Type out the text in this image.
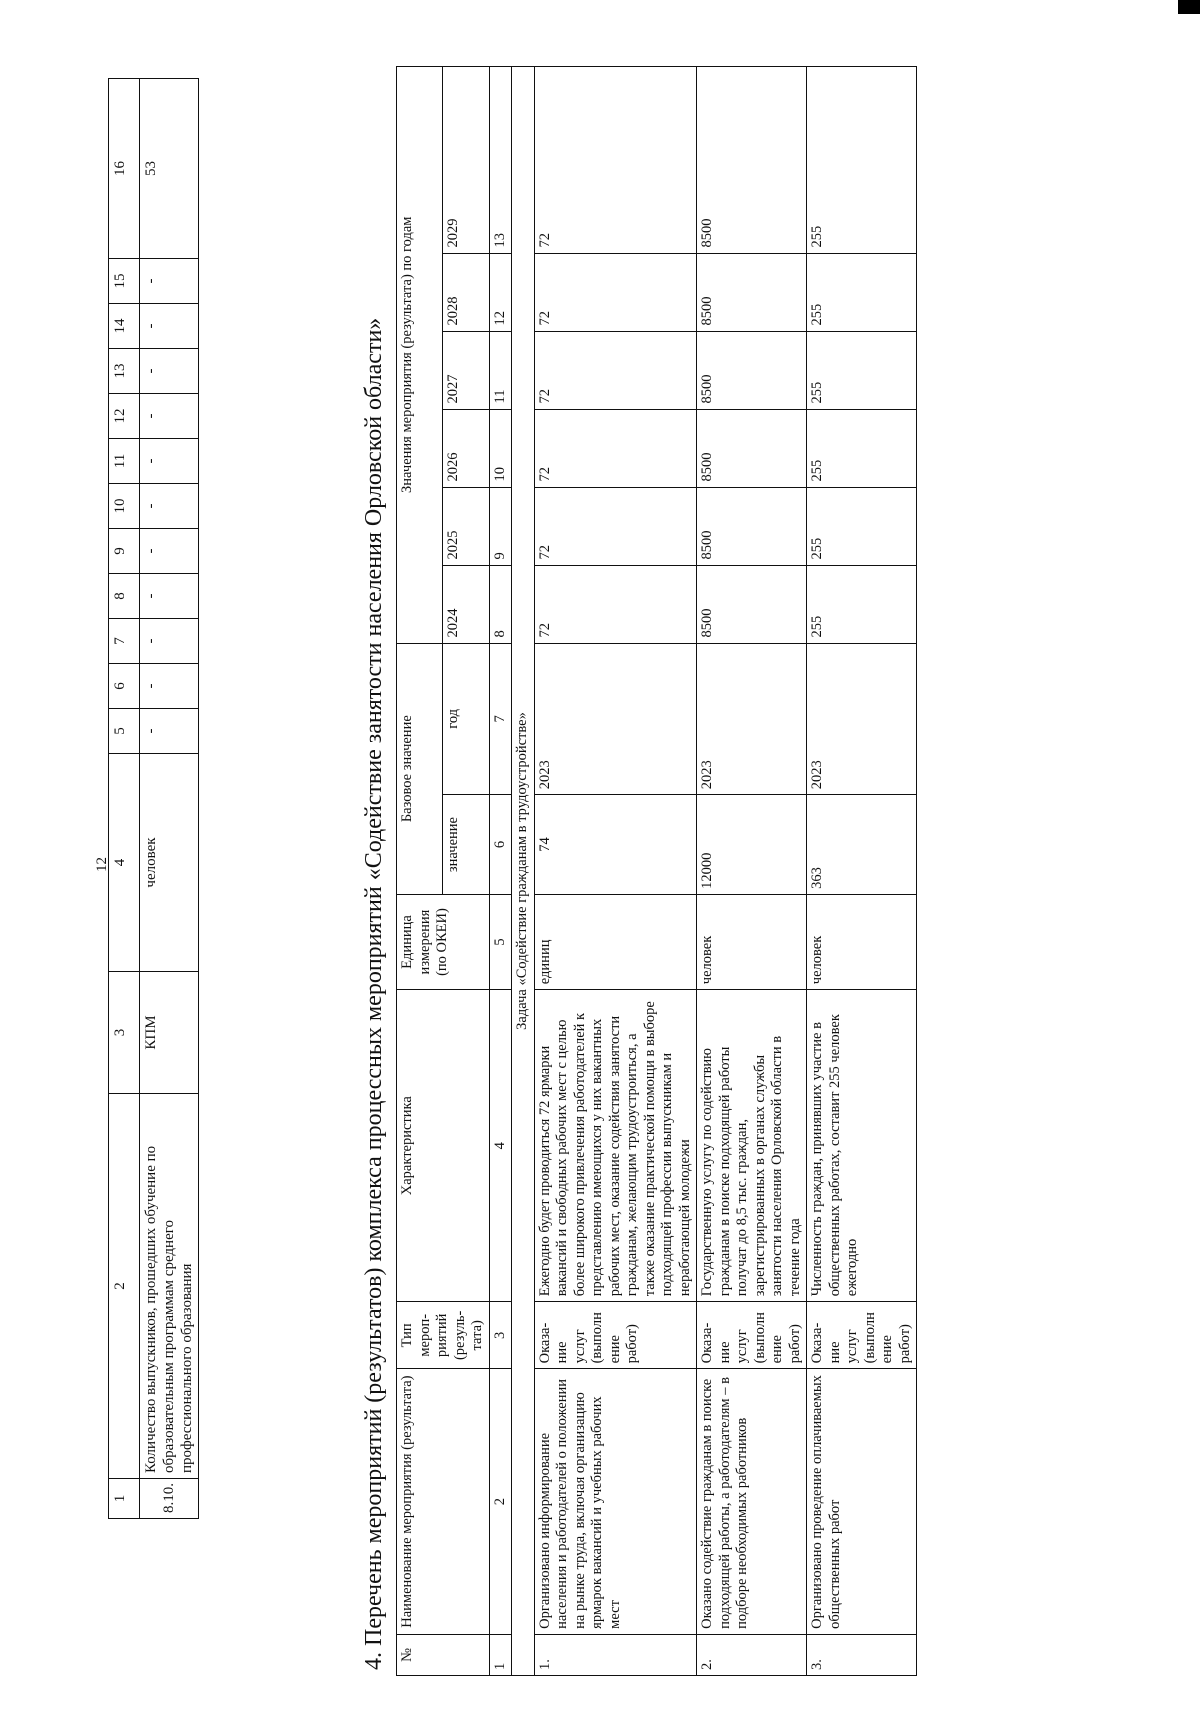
12
1	2	3	4	5	6	7	8	9	10	11	12	13	14	15	16
8.10.	Количество выпускников, прошедших обучение по образовательным программам среднего профессионального образования	КПМ	человек	-	-	-	-	-	-	-	-	-	-	-	53
4. Перечень мероприятий (результатов) комплекса процессных мероприятий «Содействие занятости населения Орловской области» №	Наименование мероприятия (результата)	Тип мероп-риятий (резуль-тата)	Характеристика	Единица измерения (по ОКЕИ)	Базовое значение		Значения мероприятия (результата) по годам					
					значение	год	2024	2025	2026	2027	2028	2029
1	2	3	4	5	6	7	8	9	10	11	12	13
Задача «Содействие гражданам в трудоустройстве»												
1.	Организовано информирование населения и работодателей о положении на рынке труда, включая организацию ярмарок вакансий и учебных рабочих мест	Оказа-ние услуг (выполн ение работ)	Ежегодно будет проводиться 72 ярмарки вакансий и свободных рабочих мест с целью более широкого привлечения работодателей к представлению имеющихся у них вакантных рабочих мест, оказание содействия занятости гражданам, желающим трудоустроиться, а также оказание практической помощи в выборе подходящей профессии выпускникам и неработающей молодежи	единиц	74	2023	72	72	72	72	72	72
2.	Оказано содействие гражданам в поиске подходящей работы, а работодателям – в подборе необходимых работников	Оказа-ние услуг (выполн ение работ)	Государственную услугу по содействию гражданам в поиске подходящей работы получат до 8,5 тыс. граждан, зарегистрированных в органах службы занятости населения Орловской области в течение года	человек	12000	2023	8500	8500	8500	8500	8500	8500
3.	Организовано проведение оплачиваемых общественных работ	Оказа-ние услуг (выполн ение работ)	Численность граждан, принявших участие в общественных работах, составит 255 человек ежегодно	человек	363	2023	255	255	255	255	255	255
